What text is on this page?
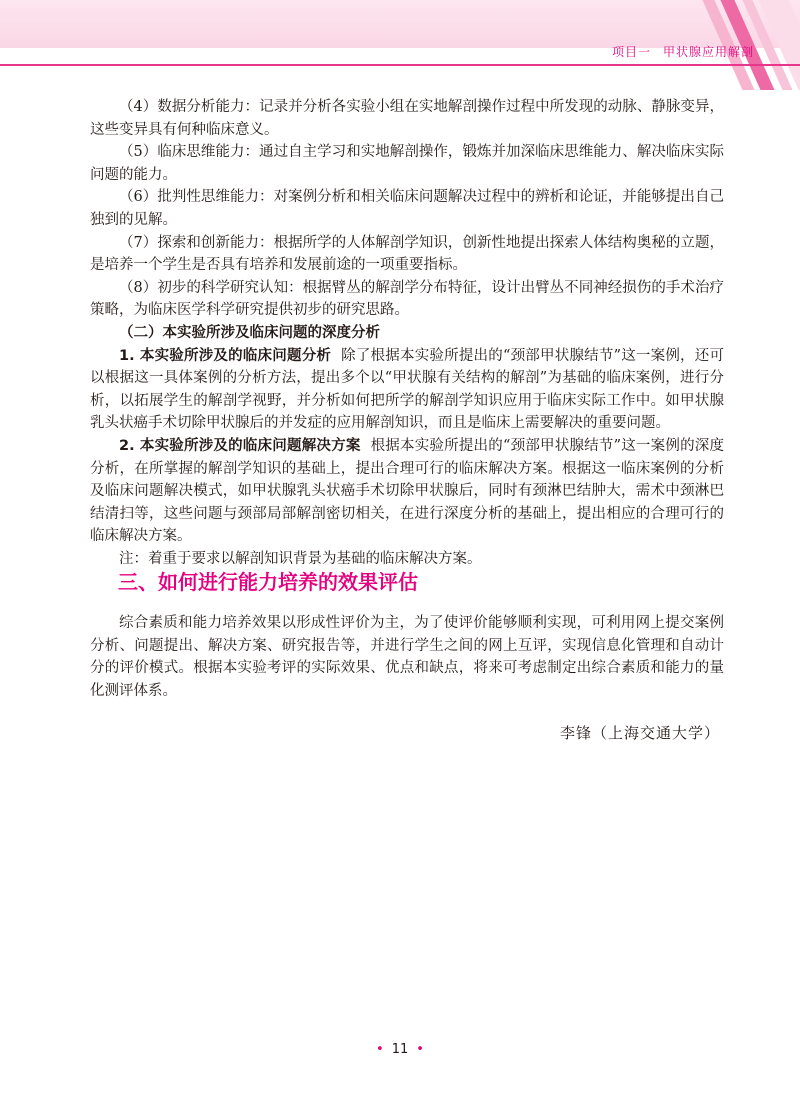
项目一 甲状腺应用解剖

（4）数据分析能力：记录并分析各实验小组在实地解剖操作过程中所发现的动脉、静脉变异，这些变异具有何种临床意义。

（5）临床思维能力：通过自主学习和实地解剖操作，锻炼并加深临床思维能力、解决临床实际问题的能力。

（6）批判性思维能力：对案例分析和相关临床问题解决过程中的辨析和论证，并能够提出自己独到的见解。

（7）探索和创新能力：根据所学的人体解剖学知识，创新性地提出探索人体结构奥秘的立题，是培养一个学生是否具有培养和发展前途的一项重要指标。

（8）初步的科学研究认知：根据臂丛的解剖学分布特征，设计出臂丛不同神经损伤的手术治疗策略，为临床医学科学研究提供初步的研究思路。

（二）本实验所涉及临床问题的深度分析

1. 本实验所涉及的临床问题分析 除了根据本实验所提出的“颈部甲状腺结节”这一案例，还可以根据这一具体案例的分析方法，提出多个以“甲状腺有关结构的解剖”为基础的临床案例，进行分析，以拓展学生的解剖学视野，并分析如何把所学的解剖学知识应用于临床实际工作中。如甲状腺乳头状癌手术切除甲状腺后的并发症的应用解剖知识，而且是临床上需要解决的重要问题。

2. 本实验所涉及的临床问题解决方案 根据本实验所提出的“颈部甲状腺结节”这一案例的深度分析，在所掌握的解剖学知识的基础上，提出合理可行的临床解决方案。根据这一临床案例的分析及临床问题解决模式，如甲状腺乳头状癌手术切除甲状腺后，同时有颈淋巴结肿大，需术中颈淋巴结清扫等，这些问题与颈部局部解剖密切相关，在进行深度分析的基础上，提出相应的合理可行的临床解决方案。

注：着重于要求以解剖知识背景为基础的临床解决方案。

三、如何进行能力培养的效果评估

综合素质和能力培养效果以形成性评价为主，为了使评价能够顺利实现，可利用网上提交案例分析、问题提出、解决方案、研究报告等，并进行学生之间的网上互评，实现信息化管理和自动计分的评价模式。根据本实验考评的实际效果、优点和缺点，将来可考虑制定出综合素质和能力的量化测评体系。

李锋（上海交通大学）

• 11 •
